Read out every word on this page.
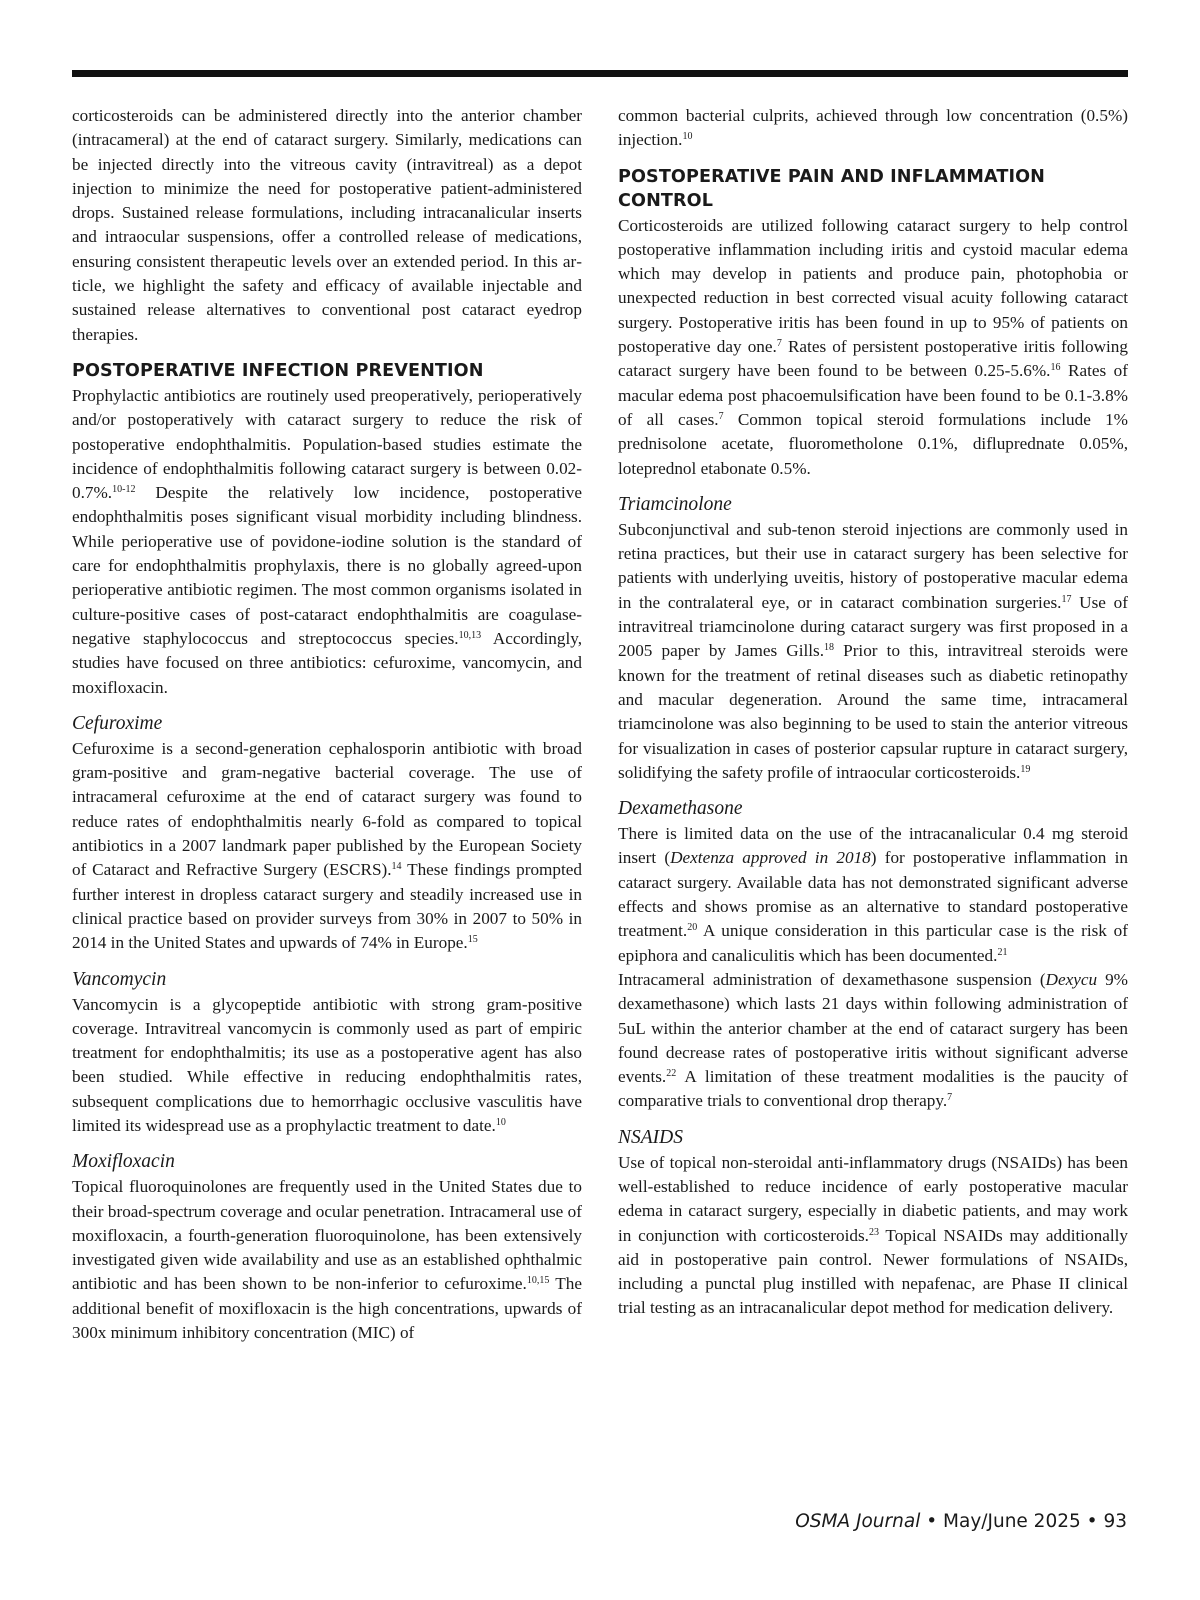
corticosteroids can be administered directly into the anterior chamber (intracameral) at the end of cataract surgery. Similarly, medications can be injected directly into the vitreous cavity (intravitreal) as a depot injection to minimize the need for postoperative patient-administered drops. Sustained release formulations, including intracanalicular inserts and intraocular suspensions, offer a controlled release of medications, ensuring consistent therapeutic levels over an extended period. In this article, we highlight the safety and efficacy of available injectable and sustained release alternatives to conventional post cataract eyedrop therapies.

POSTOPERATIVE INFECTION PREVENTION

Prophylactic antibiotics are routinely used preoperatively, perioperatively and/or postoperatively with cataract surgery to reduce the risk of postoperative endophthalmitis. Population-based studies estimate the incidence of endophthalmitis following cataract surgery is between 0.02-0.7%.$^{10-12}$ Despite the relatively low incidence, postoperative endophthalmitis poses significant visual morbidity including blindness. While perioperative use of povidone-iodine solution is the standard of care for endophthalmitis prophylaxis, there is no globally agreed-upon perioperative antibiotic regimen. The most common organisms isolated in culture-positive cases of post-cataract endophthalmitis are coagulase-negative staphylococcus and streptococcus species.$^{10,13}$ Accordingly, studies have focused on three antibiotics: cefuroxime, vancomycin, and moxifloxacin.

Cefuroxime

Cefuroxime is a second-generation cephalosporin antibiotic with broad gram-positive and gram-negative bacterial coverage. The use of intracameral cefuroxime at the end of cataract surgery was found to reduce rates of endophthalmitis nearly 6-fold as compared to topical antibiotics in a 2007 landmark paper published by the European Society of Cataract and Refractive Surgery (ESCRS).$^{14}$ These findings prompted further interest in dropless cataract surgery and steadily increased use in clinical practice based on provider surveys from 30% in 2007 to 50% in 2014 in the United States and upwards of 74% in Europe.$^{15}$

Vancomycin

Vancomycin is a glycopeptide antibiotic with strong gram-positive coverage. Intravitreal vancomycin is commonly used as part of empiric treatment for endophthalmitis; its use as a postoperative agent has also been studied. While effective in reducing endophthalmitis rates, subsequent complications due to hemorrhagic occlusive vasculitis have limited its widespread use as a prophylactic treatment to date.$^{10}$

Moxifloxacin

Topical fluoroquinolones are frequently used in the United States due to their broad-spectrum coverage and ocular penetration. Intracameral use of moxifloxacin, a fourth-generation fluoroquinolone, has been extensively investigated given wide availability and use as an established ophthalmic antibiotic and has been shown to be non-inferior to cefuroxime.$^{10,15}$ The additional benefit of moxifloxacin is the high concentrations, upwards of 300x minimum inhibitory concentration (MIC) of

common bacterial culprits, achieved through low concentration (0.5%) injection.$^{10}$

POSTOPERATIVE PAIN AND INFLAMMATION CONTROL

Corticosteroids are utilized following cataract surgery to help control postoperative inflammation including iritis and cystoid macular edema which may develop in patients and produce pain, photophobia or unexpected reduction in best corrected visual acuity following cataract surgery. Postoperative iritis has been found in up to 95% of patients on postoperative day one.$^7$ Rates of persistent postoperative iritis following cataract surgery have been found to be between 0.25-5.6%.$^{16}$ Rates of macular edema post phacoemulsification have been found to be 0.1-3.8% of all cases.$^7$ Common topical steroid formulations include 1% prednisolone acetate, fluorometholone 0.1%, difluprednate 0.05%, loteprednol etabonate 0.5%.

Triamcinolone

Subconjunctival and sub-tenon steroid injections are commonly used in retina practices, but their use in cataract surgery has been selective for patients with underlying uveitis, history of postoperative macular edema in the contralateral eye, or in cataract combination surgeries.$^{17}$ Use of intravitreal triamcinolone during cataract surgery was first proposed in a 2005 paper by James Gills.$^{18}$ Prior to this, intravitreal steroids were known for the treatment of retinal diseases such as diabetic retinopathy and macular degeneration. Around the same time, intracameral triamcinolone was also beginning to be used to stain the anterior vitreous for visualization in cases of posterior capsular rupture in cataract surgery, solidifying the safety profile of intraocular corticosteroids.$^{19}$

Dexamethasone

There is limited data on the use of the intracanalicular 0.4 mg steroid insert (Dextenza approved in 2018) for postoperative inflammation in cataract surgery. Available data has not demonstrated significant adverse effects and shows promise as an alternative to standard postoperative treatment.$^{20}$ A unique consideration in this particular case is the risk of epiphora and canaliculitis which has been documented.$^{21}$

Intracameral administration of dexamethasone suspension (Dexycu 9% dexamethasone) which lasts 21 days within following administration of 5uL within the anterior chamber at the end of cataract surgery has been found decrease rates of postoperative iritis without significant adverse events.$^{22}$ A limitation of these treatment modalities is the paucity of comparative trials to conventional drop therapy.$^7$

NSAIDS

Use of topical non-steroidal anti-inflammatory drugs (NSAIDs) has been well-established to reduce incidence of early postoperative macular edema in cataract surgery, especially in diabetic patients, and may work in conjunction with corticosteroids.$^{23}$ Topical NSAIDs may additionally aid in postoperative pain control. Newer formulations of NSAIDs, including a punctal plug instilled with nepafenac, are Phase II clinical trial testing as an intracanalicular depot method for medication delivery.

OSMA Journal • May/June 2025 • 93
